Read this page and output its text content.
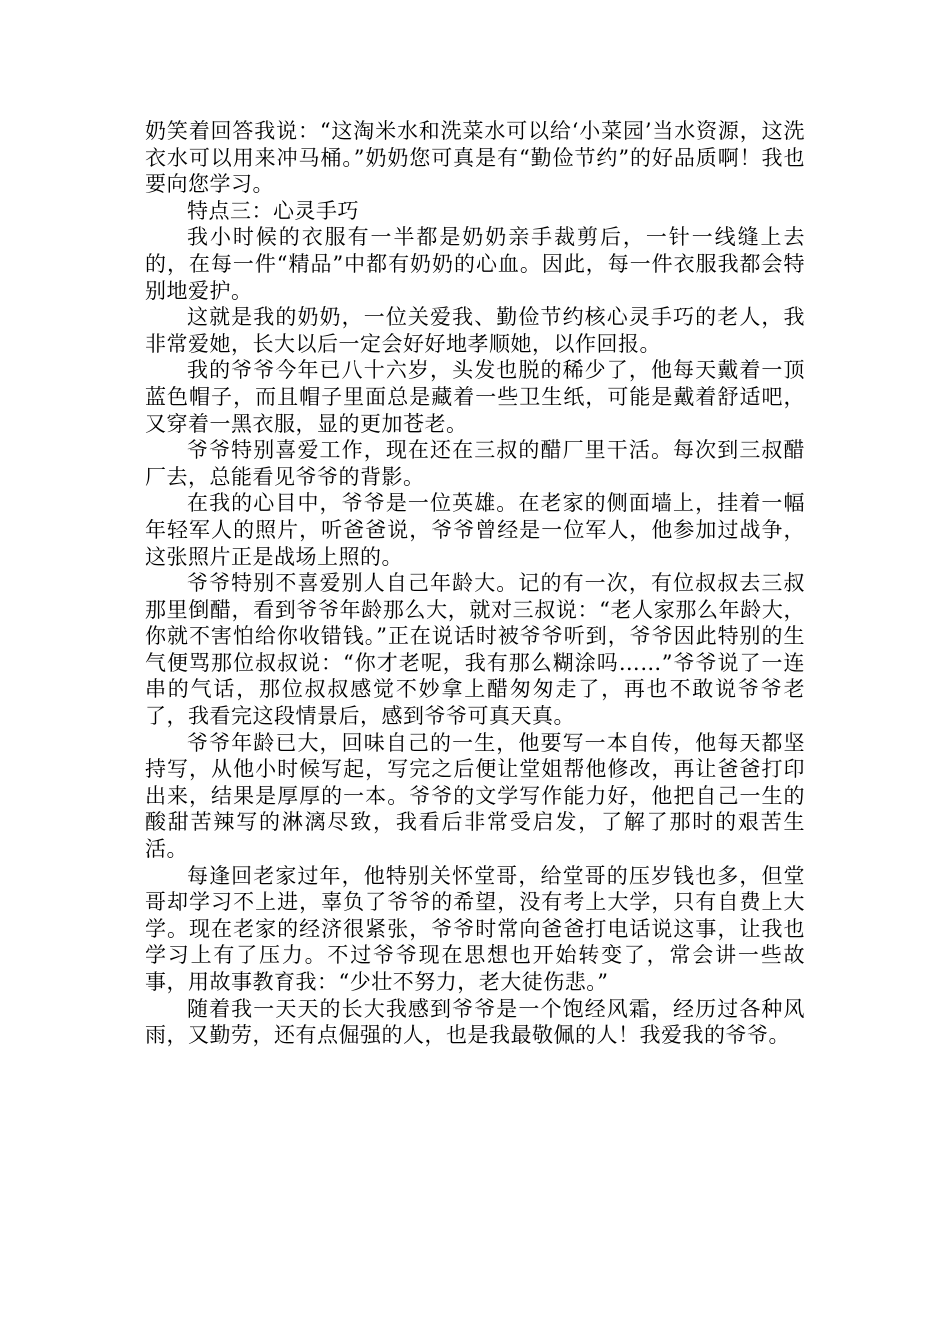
奶笑着回答我说：“这淘米水和洗菜水可以给‘小菜园’当水资源，这洗衣水可以用来冲马桶。”奶奶您可真是有“勤俭节约”的好品质啊！我也要向您学习。

特点三：心灵手巧

我小时候的衣服有一半都是奶奶亲手裁剪后，一针一线缝上去的，在每一件“精品”中都有奶奶的心血。因此，每一件衣服我都会特别地爱护。

这就是我的奶奶，一位关爱我、勤俭节约核心灵手巧的老人，我非常爱她，长大以后一定会好好地孝顺她，以作回报。

我的爷爷今年已八十六岁，头发也脱的稀少了，他每天戴着一顶蓝色帽子，而且帽子里面总是藏着一些卫生纸，可能是戴着舒适吧，又穿着一黑衣服，显的更加苍老。

爷爷特别喜爱工作，现在还在三叔的醋厂里干活。每次到三叔醋厂去，总能看见爷爷的背影。

在我的心目中，爷爷是一位英雄。在老家的侧面墙上，挂着一幅年轻军人的照片，听爸爸说，爷爷曾经是一位军人，他参加过战争，这张照片正是战场上照的。

爷爷特别不喜爱别人自己年龄大。记的有一次，有位叔叔去三叔那里倒醋，看到爷爷年龄那么大，就对三叔说：“老人家那么年龄大，你就不害怕给你收错钱。”正在说话时被爷爷听到，爷爷因此特别的生气便骂那位叔叔说：“你才老呢，我有那么糊涂吗……”爷爷说了一连串的气话，那位叔叔感觉不妙拿上醋匆匆走了，再也不敢说爷爷老了，我看完这段情景后，感到爷爷可真天真。

爷爷年龄已大，回味自己的一生，他要写一本自传，他每天都坚持写，从他小时候写起，写完之后便让堂姐帮他修改，再让爸爸打印出来，结果是厚厚的一本。爷爷的文学写作能力好，他把自己一生的酸甜苦辣写的淋漓尽致，我看后非常受启发，了解了那时的艰苦生活。

每逢回老家过年，他特别关怀堂哥，给堂哥的压岁钱也多，但堂哥却学习不上进，辜负了爷爷的希望，没有考上大学，只有自费上大学。现在老家的经济很紧张，爷爷时常向爸爸打电话说这事，让我也学习上有了压力。不过爷爷现在思想也开始转变了，常会讲一些故事，用故事教育我：“少壮不努力，老大徒伤悲。”

随着我一天天的长大我感到爷爷是一个饱经风霜，经历过各种风雨，又勤劳，还有点倔强的人，也是我最敬佩的人！我爱我的爷爷。
